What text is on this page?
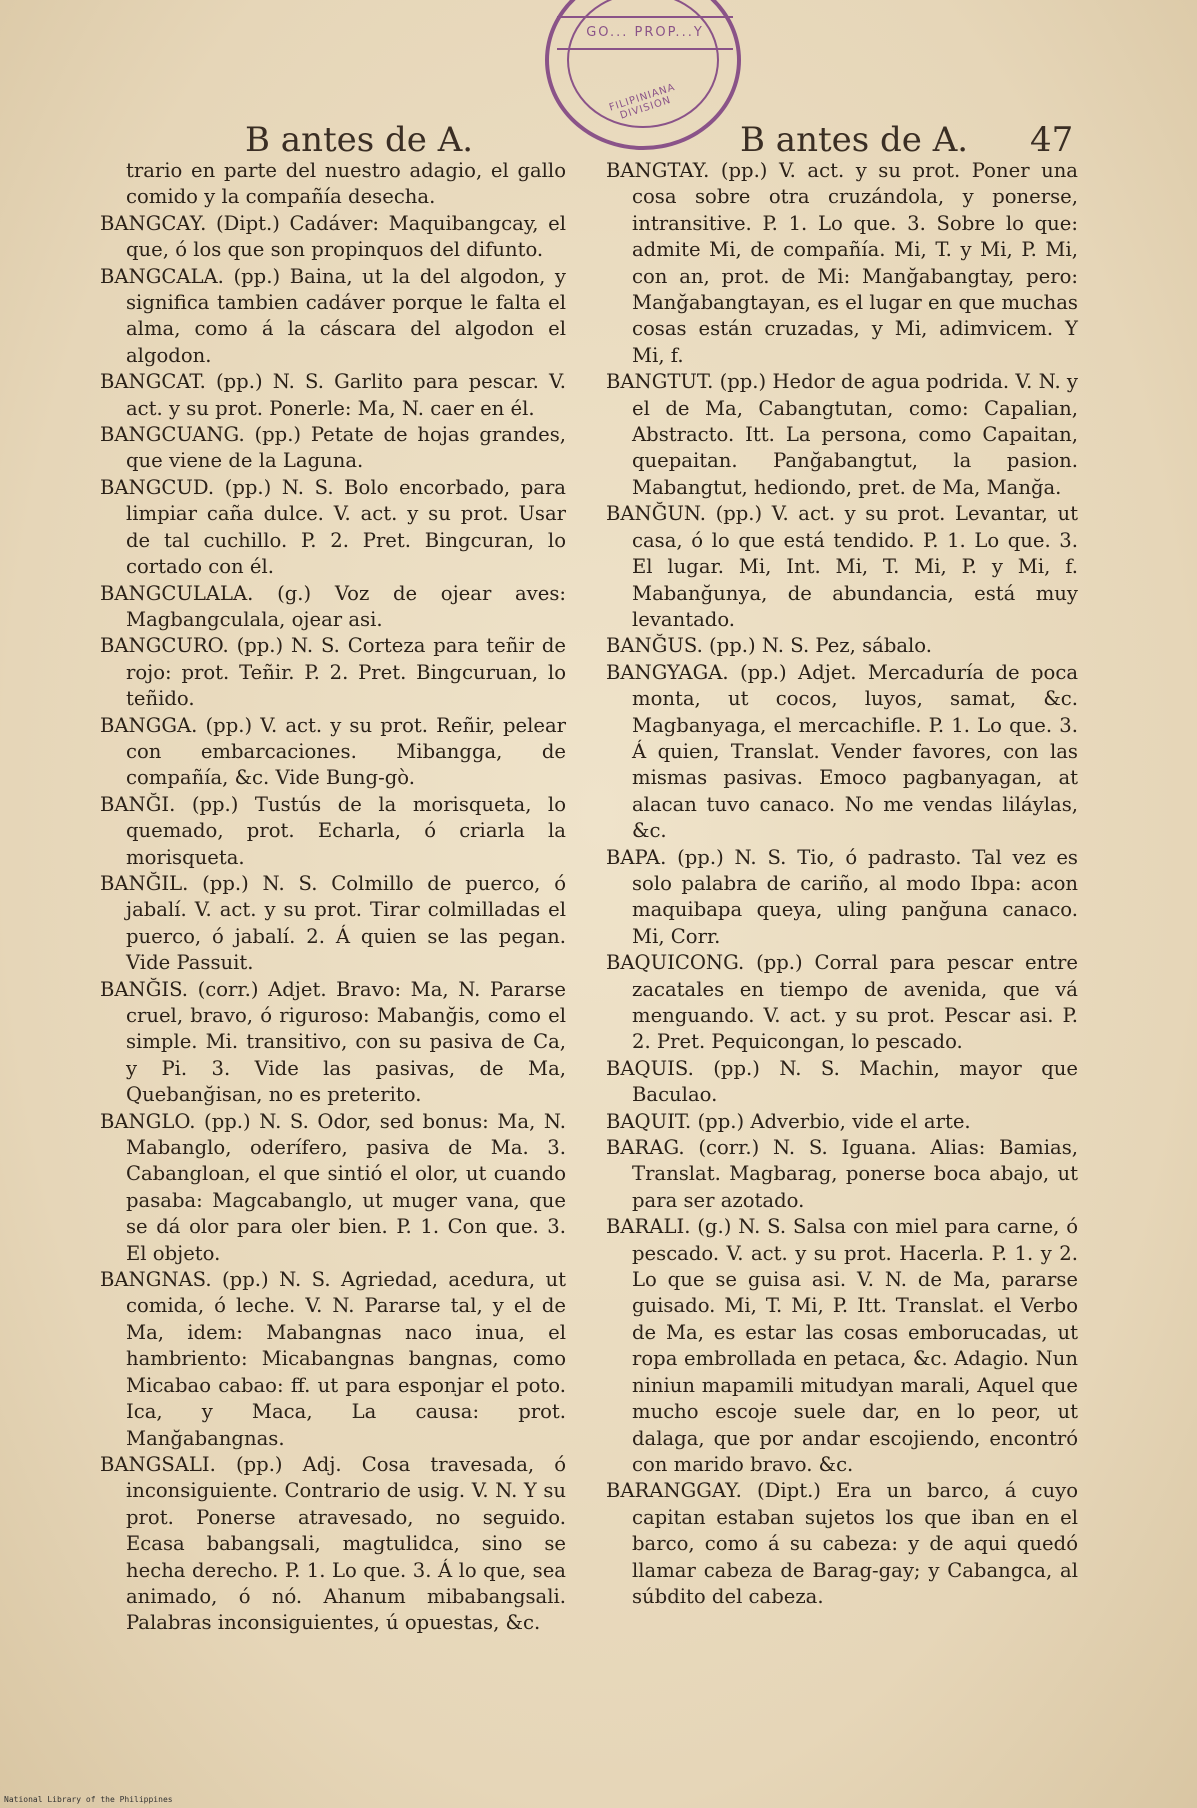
GO... PROP...Y
FILIPINIANA DIVISION
B antes de A.	B antes de A. 47

trario en parte del nuestro adagio, el gallo comido y la compañía desecha.

BANGCAY. (Dipt.) Cadáver: Maquibangcay, el que, ó los que son propinquos del difunto.

BANGCALA. (pp.) Baina, ut la del algodon, y significa tambien cadáver porque le falta el alma, como á la cáscara del algodon el algodon.

BANGCAT. (pp.) N. S. Garlito para pescar. V. act. y su prot. Ponerle: Ma, N. caer en él.

BANGCUANG. (pp.) Petate de hojas grandes, que viene de la Laguna.

BANGCUD. (pp.) N. S. Bolo encorbado, para limpiar caña dulce. V. act. y su prot. Usar de tal cuchillo. P. 2. Pret. Bingcuran, lo cortado con él.

BANGCULALA. (g.) Voz de ojear aves: Magbangculala, ojear asi.

BANGCURO. (pp.) N. S. Corteza para teñir de rojo: prot. Teñir. P. 2. Pret. Bingcuruan, lo teñido.

BANGGA. (pp.) V. act. y su prot. Reñir, pelear con embarcaciones. Mibangga, de compañía, &c. Vide Bung-gò.

BANĞI. (pp.) Tustús de la morisqueta, lo quemado, prot. Echarla, ó criarla la morisqueta.

BANĞIL. (pp.) N. S. Colmillo de puerco, ó jabalí. V. act. y su prot. Tirar colmilladas el puerco, ó jabalí. 2. Á quien se las pegan. Vide Passuit.

BANĞIS. (corr.) Adjet. Bravo: Ma, N. Pararse cruel, bravo, ó riguroso: Mabanğis, como el simple. Mi. transitivo, con su pasiva de Ca, y Pi. 3. Vide las pasivas, de Ma, Quebanğisan, no es preterito.

BANGLO. (pp.) N. S. Odor, sed bonus: Ma, N. Mabanglo, oderífero, pasiva de Ma. 3. Cabangloan, el que sintió el olor, ut cuando pasaba: Magcabanglo, ut muger vana, que se dá olor para oler bien. P. 1. Con que. 3. El objeto.

BANGNAS. (pp.) N. S. Agriedad, acedura, ut comida, ó leche. V. N. Pararse tal, y el de Ma, idem: Mabangnas naco inua, el hambriento: Micabangnas bangnas, como Micabao cabao: ff. ut para esponjar el poto. Ica, y Maca, La causa: prot. Manğabangnas.

BANGSALI. (pp.) Adj. Cosa travesada, ó inconsiguiente. Contrario de usig. V. N. Y su prot. Ponerse atravesado, no seguido. Ecasa babangsali, magtulidca, sino se hecha derecho. P. 1. Lo que. 3. Á lo que, sea animado, ó nó. Ahanum mibabangsali. Palabras inconsiguientes, ú opuestas, &c.

BANGTAY. (pp.) V. act. y su prot. Poner una cosa sobre otra cruzándola, y ponerse, intransitive. P. 1. Lo que. 3. Sobre lo que: admite Mi, de compañía. Mi, T. y Mi, P. Mi, con an, prot. de Mi: Manğabangtay, pero: Manğabangtayan, es el lugar en que muchas cosas están cruzadas, y Mi, adimvicem. Y Mi, f.

BANGTUT. (pp.) Hedor de agua podrida. V. N. y el de Ma, Cabangtutan, como: Capalian, Abstracto. Itt. La persona, como Capaitan, quepaitan. Panğabangtut, la pasion. Mabangtut, hediondo, pret. de Ma, Manğa.

BANĞUN. (pp.) V. act. y su prot. Levantar, ut casa, ó lo que está tendido. P. 1. Lo que. 3. El lugar. Mi, Int. Mi, T. Mi, P. y Mi, f. Mabanğunya, de abundancia, está muy levantado.

BANĞUS. (pp.) N. S. Pez, sábalo.

BANGYAGA. (pp.) Adjet. Mercaduría de poca monta, ut cocos, luyos, samat, &c. Magbanyaga, el mercachifle. P. 1. Lo que. 3. Á quien, Translat. Vender favores, con las mismas pasivas. Emoco pagbanyagan, at alacan tuvo canaco. No me vendas liláylas, &c.

BAPA. (pp.) N. S. Tio, ó padrasto. Tal vez es solo palabra de cariño, al modo Ibpa: acon maquibapa queya, uling panğuna canaco. Mi, Corr.

BAQUICONG. (pp.) Corral para pescar entre zacatales en tiempo de avenida, que vá menguando. V. act. y su prot. Pescar asi. P. 2. Pret. Pequicongan, lo pescado.

BAQUIS. (pp.) N. S. Machin, mayor que Baculao.

BAQUIT. (pp.) Adverbio, vide el arte.

BARAG. (corr.) N. S. Iguana. Alias: Bamias, Translat. Magbarag, ponerse boca abajo, ut para ser azotado.

BARALI. (g.) N. S. Salsa con miel para carne, ó pescado. V. act. y su prot. Hacerla. P. 1. y 2. Lo que se guisa asi. V. N. de Ma, pararse guisado. Mi, T. Mi, P. Itt. Translat. el Verbo de Ma, es estar las cosas emborucadas, ut ropa embrollada en petaca, &c. Adagio. Nun niniun mapamili mitudyan marali, Aquel que mucho escoje suele dar, en lo peor, ut dalaga, que por andar escojiendo, encontró con marido bravo. &c.

BARANGGAY. (Dipt.) Era un barco, á cuyo capitan estaban sujetos los que iban en el barco, como á su cabeza: y de aqui quedó llamar cabeza de Barag-gay; y Cabangca, al súbdito del cabeza.

National Library of the Philippines
